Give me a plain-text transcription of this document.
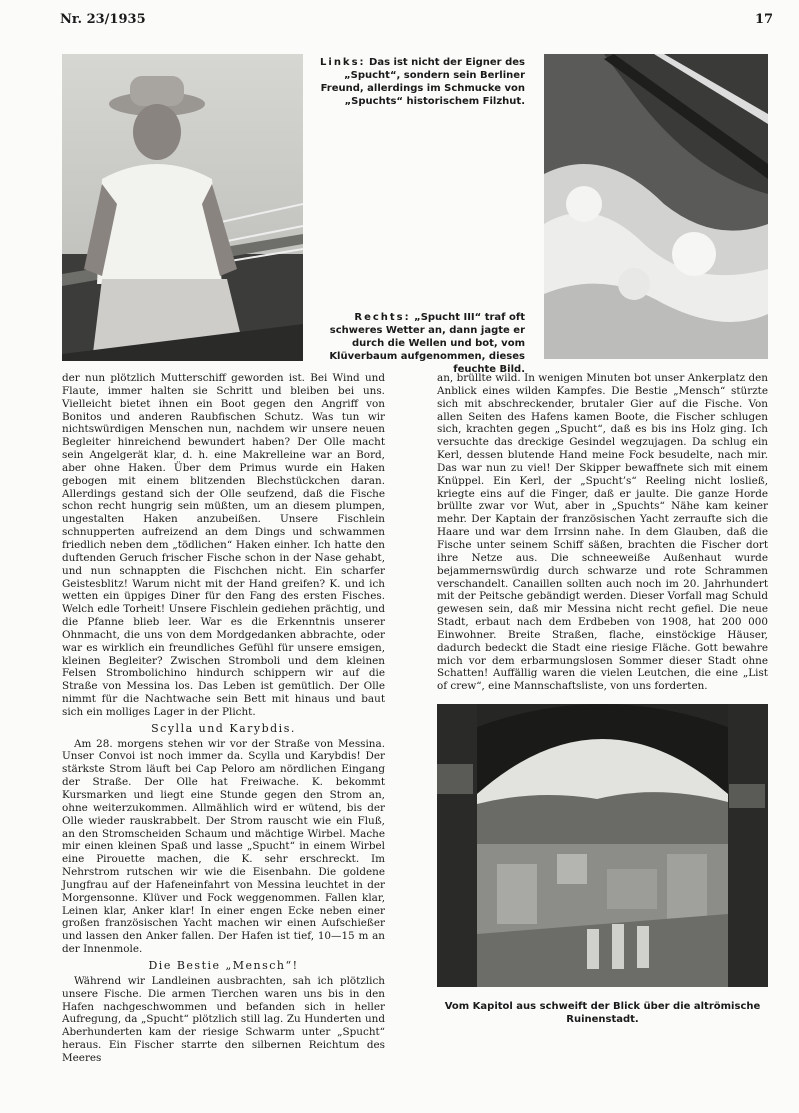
Nr. 23/1935	17
Links: Das ist nicht der Eigner des „Spucht“, sondern sein Berliner Freund, allerdings im Schmucke von „Spuchts“ historischem Filzhut.
Rechts: „Spucht III“ traf oft schweres Wetter an, dann jagte er durch die Wellen und bot, vom Klüverbaum aufgenommen, dieses feuchte Bild.

der nun plötzlich Mutterschiff geworden ist. Bei Wind und Flaute, immer halten sie Schritt und bleiben bei uns. Vielleicht bietet ihnen ein Boot gegen den Angriff von Bonitos und anderen Raubfischen Schutz. Was tun wir nichtswürdigen Menschen nun, nachdem wir unsere neuen Begleiter hinreichend bewundert haben? Der Olle macht sein Angelgerät klar, d. h. eine Makrelleine war an Bord, aber ohne Haken. Über dem Primus wurde ein Haken gebogen mit einem blitzenden Blechstückchen daran. Allerdings gestand sich der Olle seufzend, daß die Fische schon recht hungrig sein müßten, um an diesem plumpen, ungestalten Haken anzubeißen. Unsere Fischlein schnupperten aufreizend an dem Dings und schwammen friedlich neben dem „tödlichen“ Haken einher. Ich hatte den duftenden Geruch frischer Fische schon in der Nase gehabt, und nun schnappten die Fischchen nicht. Ein scharfer Geistesblitz! Warum nicht mit der Hand greifen? K. und ich wetten ein üppiges Diner für den Fang des ersten Fisches. Welch edle Torheit! Unsere Fischlein gediehen prächtig, und die Pfanne blieb leer. War es die Erkenntnis unserer Ohnmacht, die uns von dem Mordgedanken abbrachte, oder war es wirklich ein freundliches Gefühl für unsere emsigen, kleinen Begleiter? Zwischen Stromboli und dem kleinen Felsen Strombolichino hindurch schippern wir auf die Straße von Messina los. Das Leben ist gemütlich. Der Olle nimmt für die Nachtwache sein Bett mit hinaus und baut sich ein molliges Lager in der Plicht.

Scylla und Karybdis.

Am 28. morgens stehen wir vor der Straße von Messina. Unser Convoi ist noch immer da. Scylla und Karybdis! Der stärkste Strom läuft bei Cap Peloro am nördlichen Eingang der Straße. Der Olle hat Freiwache. K. bekommt Kursmarken und liegt eine Stunde gegen den Strom an, ohne weiterzukommen. Allmählich wird er wütend, bis der Olle wieder rauskrabbelt. Der Strom rauscht wie ein Fluß, an den Stromscheiden Schaum und mächtige Wirbel. Mache mir einen kleinen Spaß und lasse „Spucht“ in einem Wirbel eine Pirouette machen, die K. sehr erschreckt. Im Nehrstrom rutschen wir wie die Eisenbahn. Die goldene Jungfrau auf der Hafeneinfahrt von Messina leuchtet in der Morgensonne. Klüver und Fock weggenommen. Fallen klar, Leinen klar, Anker klar! In einer engen Ecke neben einer großen französischen Yacht machen wir einen Aufschießer und lassen den Anker fallen. Der Hafen ist tief, 10—15 m an der Innenmole.

Die Bestie „Mensch“!

Während wir Landleinen ausbrachten, sah ich plötzlich unsere Fische. Die armen Tierchen waren uns bis in den Hafen nachgeschwommen und befanden sich in heller Aufregung, da „Spucht“ plötzlich still lag. Zu Hunderten und Aberhunderten kam der riesige Schwarm unter „Spucht“ heraus. Ein Fischer starrte den silbernen Reichtum des Meeres

an, brüllte wild. In wenigen Minuten bot unser Ankerplatz den Anblick eines wilden Kampfes. Die Bestie „Mensch“ stürzte sich mit abschreckender, brutaler Gier auf die Fische. Von allen Seiten des Hafens kamen Boote, die Fischer schlugen sich, krachten gegen „Spucht“, daß es bis ins Holz ging. Ich versuchte das dreckige Gesindel wegzujagen. Da schlug ein Kerl, dessen blutende Hand meine Fock besudelte, nach mir. Das war nun zu viel! Der Skipper bewaffnete sich mit einem Knüppel. Ein Kerl, der „Spucht’s“ Reeling nicht losließ, kriegte eins auf die Finger, daß er jaulte. Die ganze Horde brüllte zwar vor Wut, aber in „Spuchts“ Nähe kam keiner mehr. Der Kaptain der französischen Yacht zerraufte sich die Haare und war dem Irrsinn nahe. In dem Glauben, daß die Fische unter seinem Schiff säßen, brachten die Fischer dort ihre Netze aus. Die schneeweiße Außenhaut wurde bejammernswürdig durch schwarze und rote Schrammen verschandelt. Canaillen sollten auch noch im 20. Jahrhundert mit der Peitsche gebändigt werden. Dieser Vorfall mag Schuld gewesen sein, daß mir Messina nicht recht gefiel. Die neue Stadt, erbaut nach dem Erdbeben von 1908, hat 200 000 Einwohner. Breite Straßen, flache, einstöckige Häuser, dadurch bedeckt die Stadt eine riesige Fläche. Gott bewahre mich vor dem erbarmungslosen Sommer dieser Stadt ohne Schatten! Auffällig waren die vielen Leutchen, die eine „List of crew“, eine Mannschaftsliste, von uns forderten.

Vom Kapitol aus schweift der Blick über die altrömische Ruinenstadt.
